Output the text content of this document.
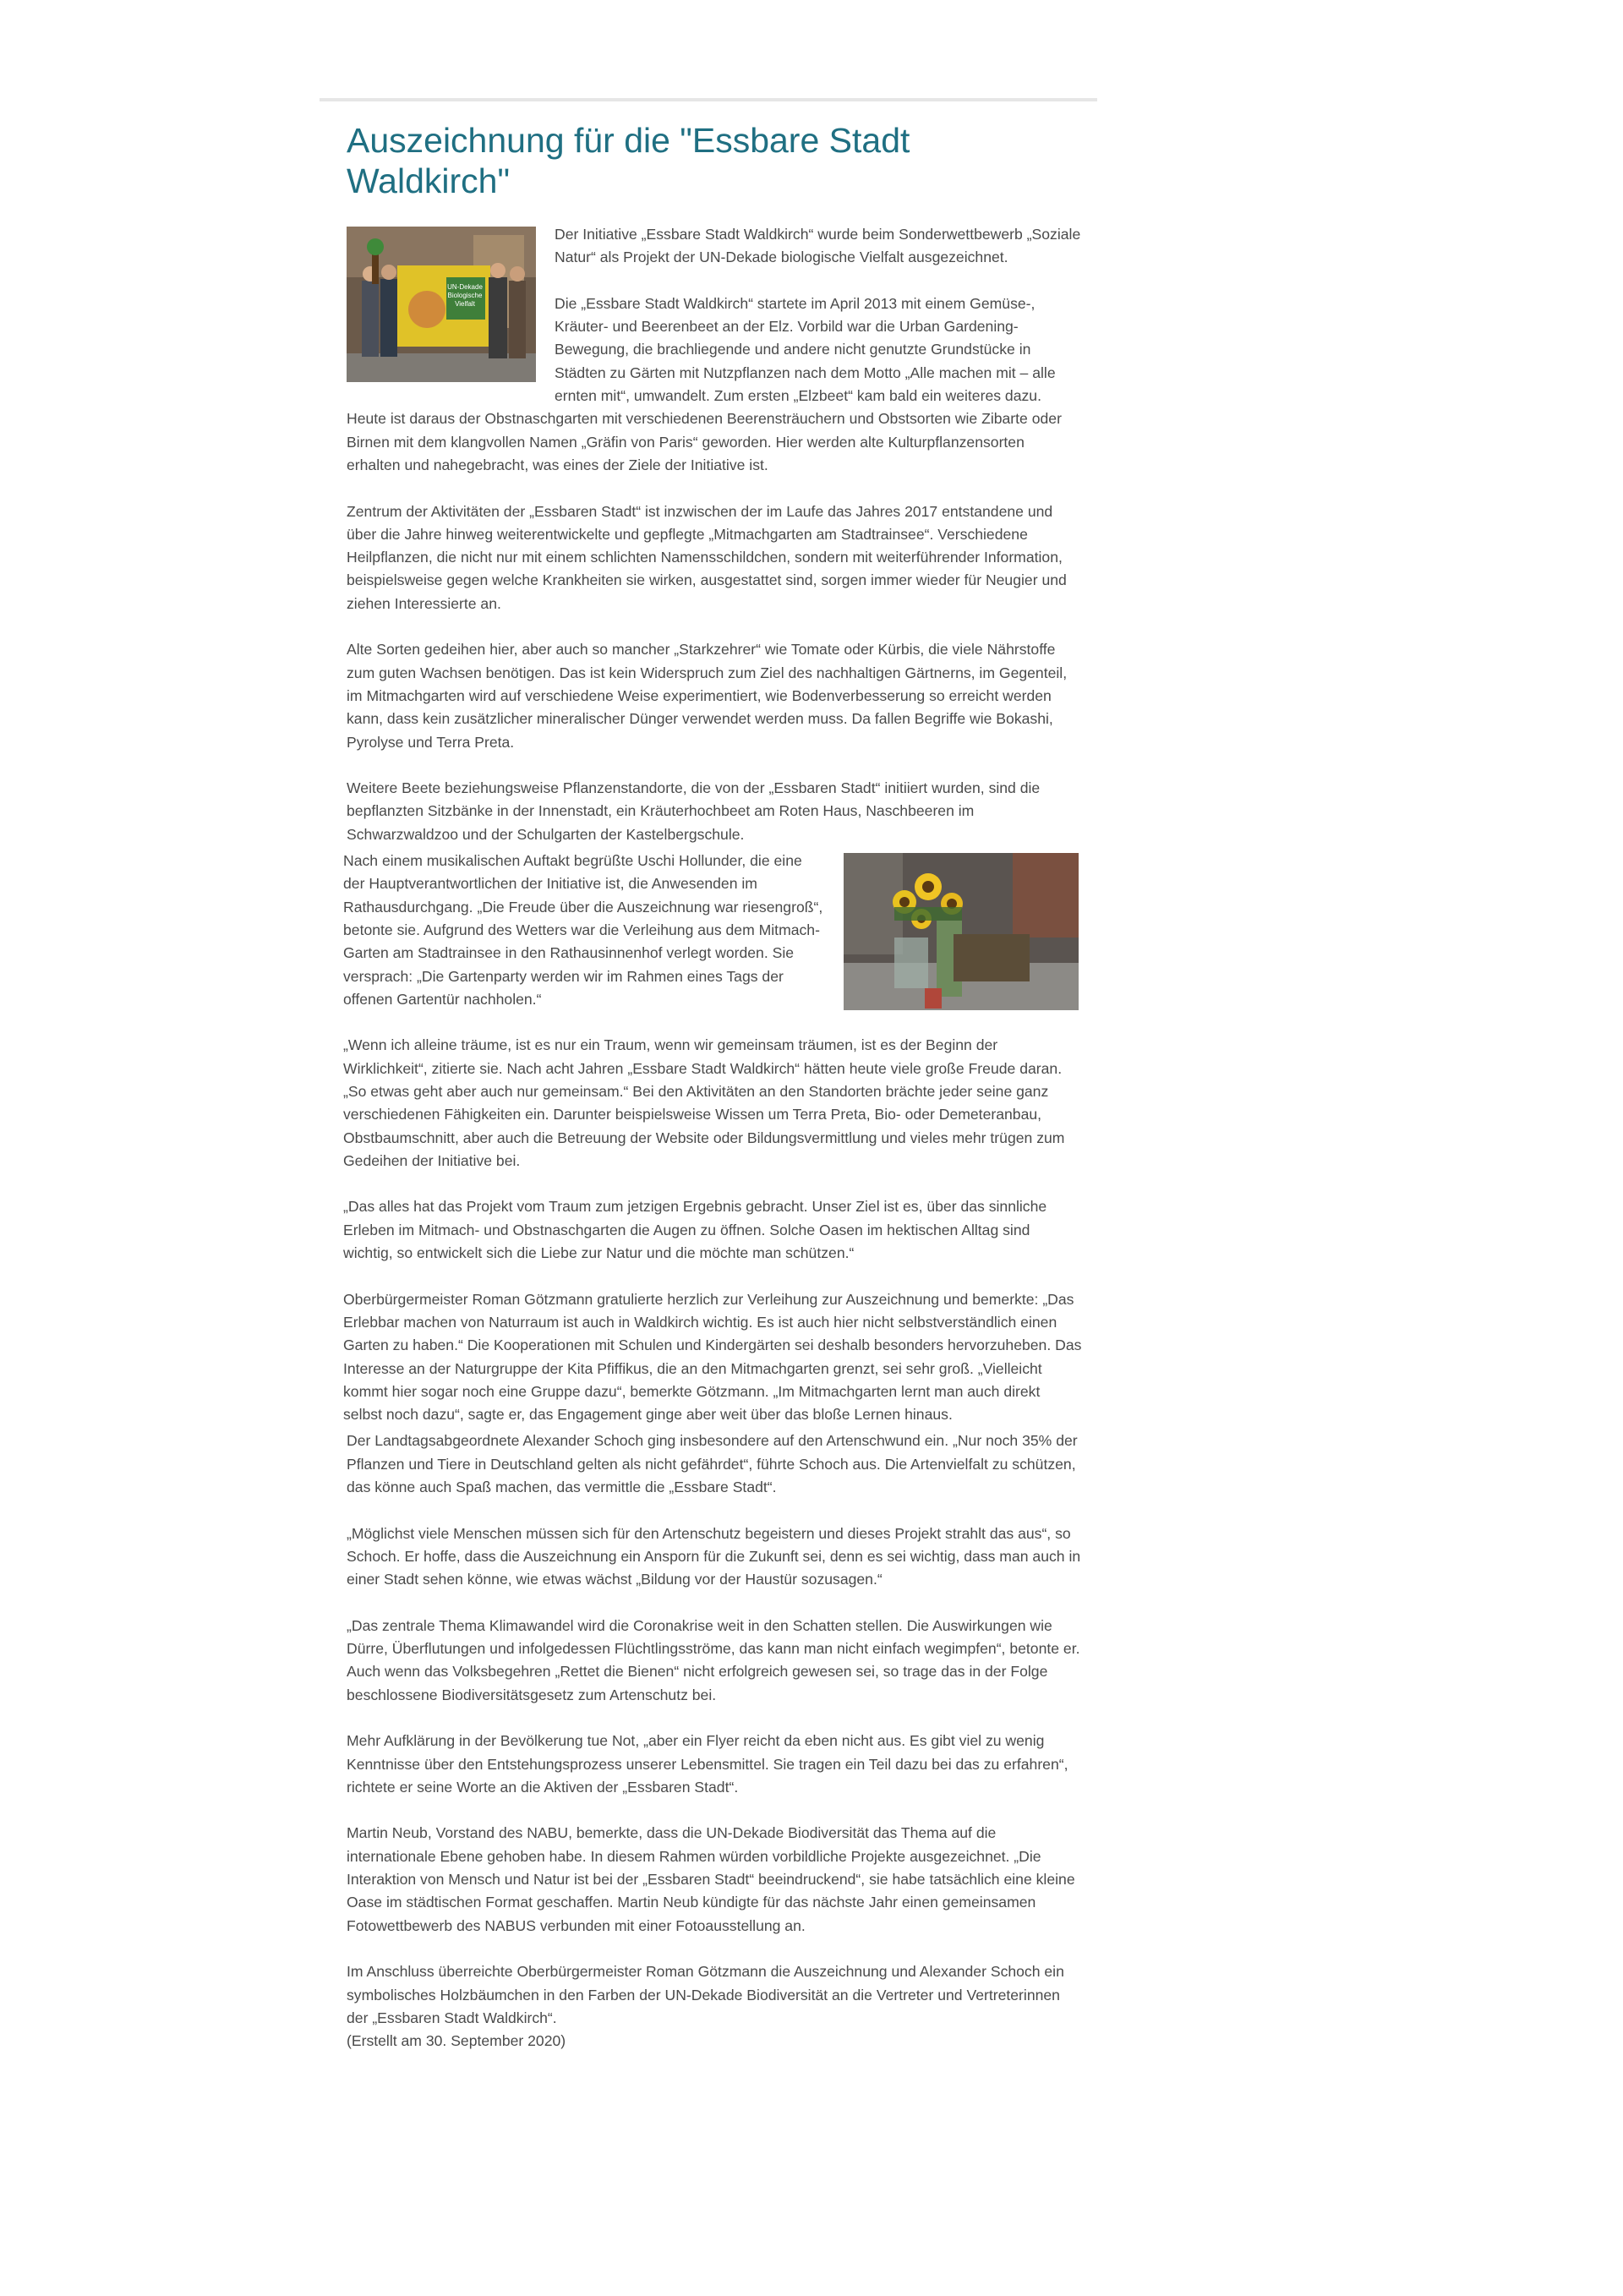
Auszeichnung für die "Essbare Stadt Waldkirch"
UN-Dekade
Biologische
Vielfalt

Der Initiative „Essbare Stadt Waldkirch“ wurde beim Sonderwettbewerb „Soziale Natur“ als Projekt der UN-Dekade biologische Vielfalt ausgezeichnet.

Die „Essbare Stadt Waldkirch“ startete im April 2013 mit einem Gemüse-, Kräuter- und Beerenbeet an der Elz. Vorbild war die Urban Gardening-Bewegung, die brachliegende und andere nicht genutzte Grundstücke in Städten zu Gärten mit Nutzpflanzen nach dem Motto „Alle machen mit – alle ernten mit“, umwandelt. Zum ersten „Elzbeet“ kam bald ein weiteres dazu. Heute ist daraus der Obstnaschgarten mit verschiedenen Beerensträuchern und Obstsorten wie Zibarte oder Birnen mit dem klangvollen Namen „Gräfin von Paris“ geworden. Hier werden alte Kulturpflanzensorten erhalten und nahegebracht, was eines der Ziele der Initiative ist.

Zentrum der Aktivitäten der „Essbaren Stadt“ ist inzwischen der im Laufe das Jahres 2017 entstandene und über die Jahre hinweg weiterentwickelte und gepflegte „Mitmachgarten am Stadtrainsee“. Verschiedene Heilpflanzen, die nicht nur mit einem schlichten Namensschildchen, sondern mit weiterführender Information, beispielsweise gegen welche Krankheiten sie wirken, ausgestattet sind, sorgen immer wieder für Neugier und ziehen Interessierte an.

Alte Sorten gedeihen hier, aber auch so mancher „Starkzehrer“ wie Tomate oder Kürbis, die viele Nährstoffe zum guten Wachsen benötigen. Das ist kein Widerspruch zum Ziel des nachhaltigen Gärtnerns, im Gegenteil, im Mitmachgarten wird auf verschiedene Weise experimentiert, wie Bodenverbesserung so erreicht werden kann, dass kein zusätzlicher mineralischer Dünger verwendet werden muss. Da fallen Begriffe wie Bokashi, Pyrolyse und Terra Preta.

Weitere Beete beziehungsweise Pflanzenstandorte, die von der „Essbaren Stadt“ initiiert wurden, sind die bepflanzten Sitzbänke in der Innenstadt, ein Kräuterhochbeet am Roten Haus, Naschbeeren im Schwarzwaldzoo und der Schulgarten der Kastelbergschule.

Nach einem musikalischen Auftakt begrüßte Uschi Hollunder, die eine der Hauptverantwortlichen der Initiative ist, die Anwesenden im Rathausdurchgang. „Die Freude über die Auszeichnung war riesengroß“, betonte sie. Aufgrund des Wetters war die Verleihung aus dem Mitmach-Garten am Stadtrainsee in den Rathausinnenhof verlegt worden. Sie versprach: „Die Gartenparty werden wir im Rahmen eines Tags der offenen Gartentür nachholen.“

„Wenn ich alleine träume, ist es nur ein Traum, wenn wir gemeinsam träumen, ist es der Beginn der Wirklichkeit“, zitierte sie. Nach acht Jahren „Essbare Stadt Waldkirch“ hätten heute viele große Freude daran. „So etwas geht aber auch nur gemeinsam.“ Bei den Aktivitäten an den Standorten brächte jeder seine ganz verschiedenen Fähigkeiten ein. Darunter beispielsweise Wissen um Terra Preta, Bio- oder Demeteranbau, Obstbaumschnitt, aber auch die Betreuung der Website oder Bildungsvermittlung und vieles mehr trügen zum Gedeihen der Initiative bei.

„Das alles hat das Projekt vom Traum zum jetzigen Ergebnis gebracht. Unser Ziel ist es, über das sinnliche Erleben im Mitmach- und Obstnaschgarten die Augen zu öffnen. Solche Oasen im hektischen Alltag sind wichtig, so entwickelt sich die Liebe zur Natur und die möchte man schützen.“

Oberbürgermeister Roman Götzmann gratulierte herzlich zur Verleihung zur Auszeichnung und bemerkte: „Das Erlebbar machen von Naturraum ist auch in Waldkirch wichtig. Es ist auch hier nicht selbstverständlich einen Garten zu haben.“ Die Kooperationen mit Schulen und Kindergärten sei deshalb besonders hervorzuheben. Das Interesse an der Naturgruppe der Kita Pfiffikus, die an den Mitmachgarten grenzt, sei sehr groß. „Vielleicht kommt hier sogar noch eine Gruppe dazu“, bemerkte Götzmann. „Im Mitmachgarten lernt man auch direkt selbst noch dazu“, sagte er, das Engagement ginge aber weit über das bloße Lernen hinaus.

Der Landtagsabgeordnete Alexander Schoch ging insbesondere auf den Artenschwund ein. „Nur noch 35% der Pflanzen und Tiere in Deutschland gelten als nicht gefährdet“, führte Schoch aus. Die Artenvielfalt zu schützen, das könne auch Spaß machen, das vermittle die „Essbare Stadt“.

„Möglichst viele Menschen müssen sich für den Artenschutz begeistern und dieses Projekt strahlt das aus“, so Schoch. Er hoffe, dass die Auszeichnung ein Ansporn für die Zukunft sei, denn es sei wichtig, dass man auch in einer Stadt sehen könne, wie etwas wächst „Bildung vor der Haustür sozusagen.“

„Das zentrale Thema Klimawandel wird die Coronakrise weit in den Schatten stellen. Die Auswirkungen wie Dürre, Überflutungen und infolgedessen Flüchtlingsströme, das kann man nicht einfach wegimpfen“, betonte er. Auch wenn das Volksbegehren „Rettet die Bienen“ nicht erfolgreich gewesen sei, so trage das in der Folge beschlossene Biodiversitätsgesetz zum Artenschutz bei.

Mehr Aufklärung in der Bevölkerung tue Not, „aber ein Flyer reicht da eben nicht aus. Es gibt viel zu wenig Kenntnisse über den Entstehungsprozess unserer Lebensmittel. Sie tragen ein Teil dazu bei das zu erfahren“, richtete er seine Worte an die Aktiven der „Essbaren Stadt“.

Martin Neub, Vorstand des NABU, bemerkte, dass die UN-Dekade Biodiversität das Thema auf die internationale Ebene gehoben habe. In diesem Rahmen würden vorbildliche Projekte ausgezeichnet. „Die Interaktion von Mensch und Natur ist bei der „Essbaren Stadt“ beeindruckend“, sie habe tatsächlich eine kleine Oase im städtischen Format geschaffen. Martin Neub kündigte für das nächste Jahr einen gemeinsamen Fotowettbewerb des NABUS verbunden mit einer Fotoausstellung an.

Im Anschluss überreichte Oberbürgermeister Roman Götzmann die Auszeichnung und Alexander Schoch ein symbolisches Holzbäumchen in den Farben der UN-Dekade Biodiversität an die Vertreter und Vertreterinnen der „Essbaren Stadt Waldkirch“.

(Erstellt am 30. September 2020)
